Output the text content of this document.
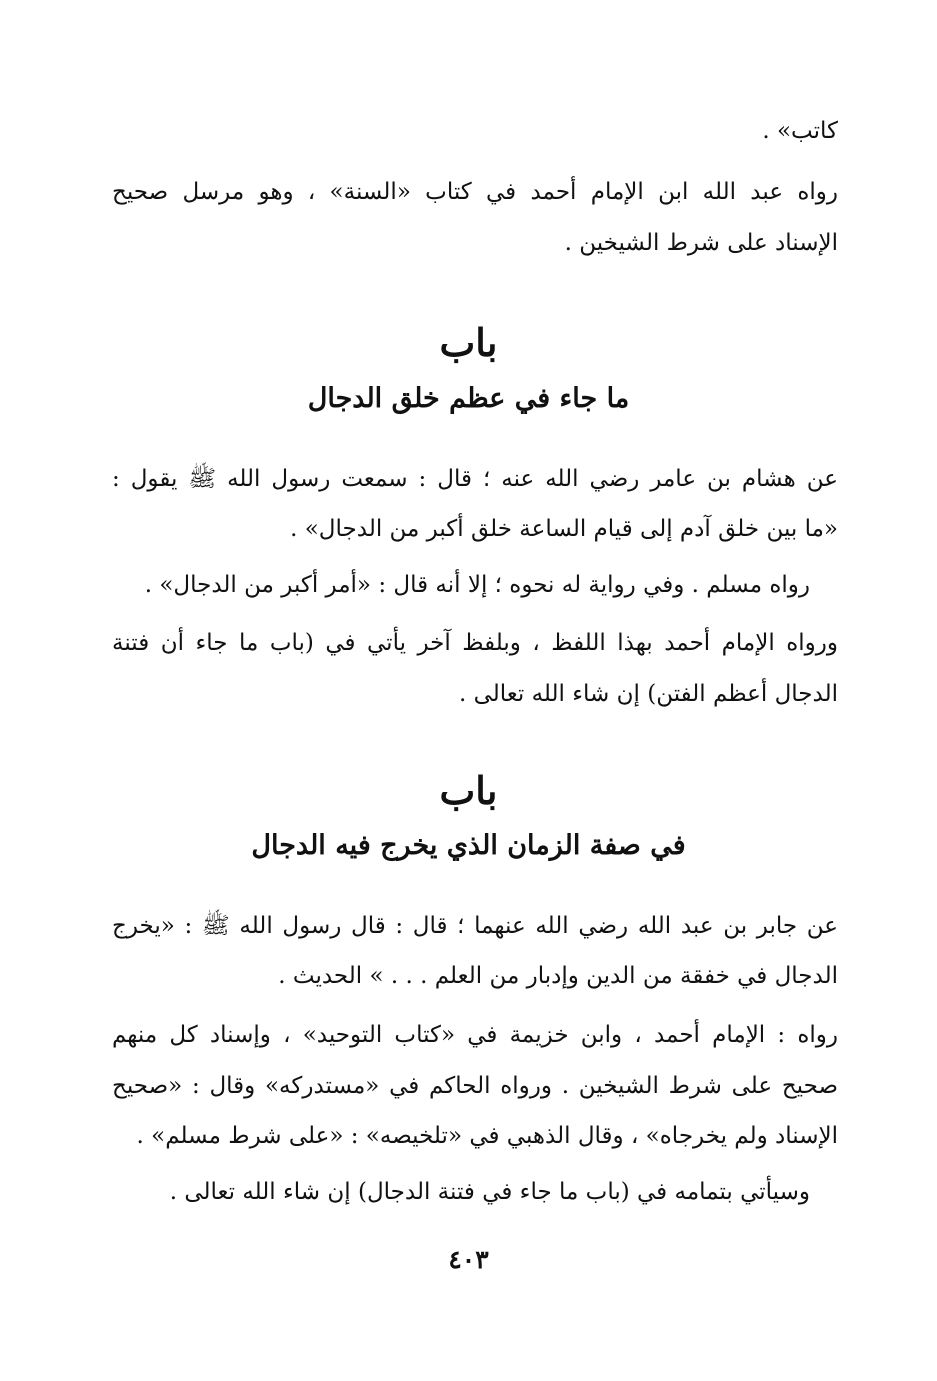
كاتب» .
رواه عبد الله ابن الإمام أحمد في كتاب «السنة» ، وهو مرسل صحيح
الإسناد على شرط الشيخين .
باب
ما جاء في عظم خلق الدجال
عن هشام بن عامر رضي الله عنه ؛ قال : سمعت رسول الله ﷺ يقول :
«ما بين خلق آدم إلى قيام الساعة خلق أكبر من الدجال» .
رواه مسلم . وفي رواية له نحوه ؛ إلا أنه قال : «أمر أكبر من الدجال» .
ورواه الإمام أحمد بهذا اللفظ ، وبلفظ آخر يأتي في (باب ما جاء أن فتنة
الدجال أعظم الفتن) إن شاء الله تعالى .
باب
في صفة الزمان الذي يخرج فيه الدجال
عن جابر بن عبد الله رضي الله عنهما ؛ قال : قال رسول الله ﷺ : «يخرج
الدجال في خفقة من الدين وإدبار من العلم . . . » الحديث .
رواه : الإمام أحمد ، وابن خزيمة في «كتاب التوحيد» ، وإسناد كل منهم
صحيح على شرط الشيخين . ورواه الحاكم في «مستدركه» وقال : «صحيح
الإسناد ولم يخرجاه» ، وقال الذهبي في «تلخيصه» : «على شرط مسلم» .
وسيأتي بتمامه في (باب ما جاء في فتنة الدجال) إن شاء الله تعالى .
٤٠٣
